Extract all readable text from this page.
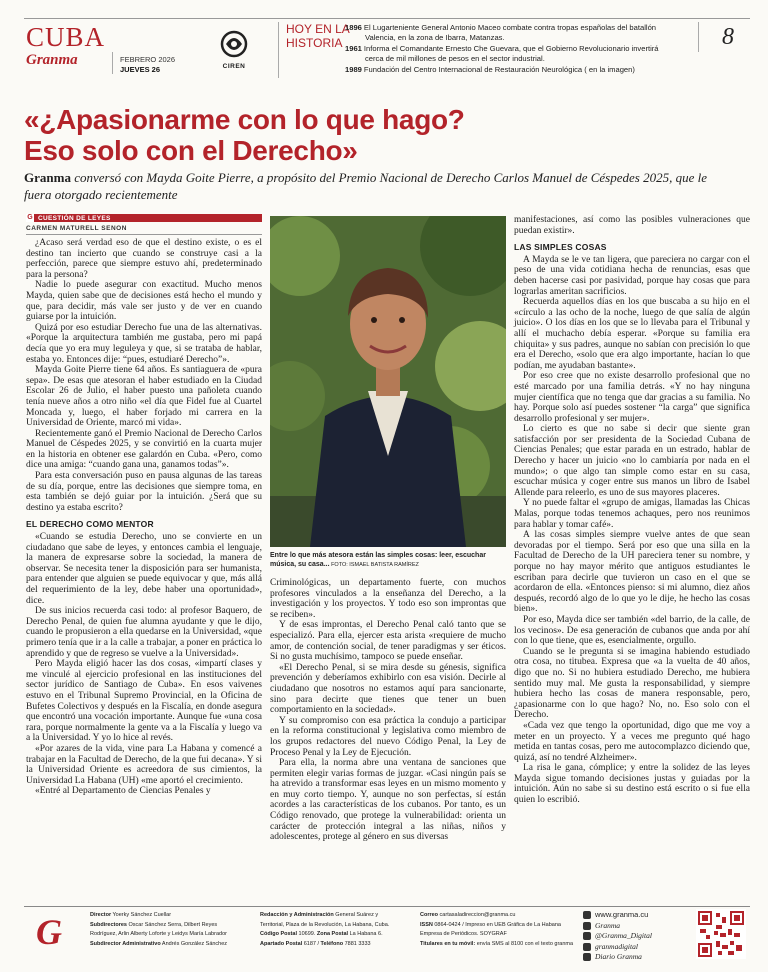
CUBA
Granma	FEBRERO 2026
JUEVES 26	CIREN
HOY EN LA
HISTORIA
1896 El Lugarteniente General Antonio Maceo combate contra tropas españolas del batallón
Valencia, en la zona de Ibarra, Matanzas.
1961 Informa el Comandante Ernesto Che Guevara, que el Gobierno Revolucionario invertirá
cerca de mil millones de pesos en el sector industrial.
1989 Fundación del Centro Internacional de Restauración Neurológica ( en la imagen)
8
«¿Apasionarme con lo que hago?
Eso solo con el Derecho»
Granma conversó con Mayda Goite Pierre, a propósito del Premio Nacional de Derecho Carlos Manuel de Céspedes 2025, que le fuera otorgado recientemente
G CUESTIÓN DE LEYES
CARMEN MATURELL SENON

¿Acaso será verdad eso de que el destino existe, o es el destino tan incierto que cuando se construye casi a la perfección, parece que siempre estuvo ahí, predeterminado para la persona?

Nadie lo puede asegurar con exactitud. Mucho menos Mayda, quien sabe que de decisiones está hecho el mundo y que, para decidir, más vale ser justo y de ver en cuando guiarse por la intuición.

Quizá por eso estudiar Derecho fue una de las alternativas. «Porque la arquitectura también me gustaba, pero mi papá decía que yo era muy leguleya y que, si se trataba de hablar, estaba yo. Entonces dije: “pues, estudiaré Derecho”».

Mayda Goite Pierre tiene 64 años. Es santiaguera de «pura sepa». De esas que atesoran el haber estudiado en la Ciudad Escolar 26 de Julio, el haber puesto una pañoleta cuando tenía nueve años a otro niño «el día que Fidel fue al Cuartel Moncada y, luego, el haber forjado mi carrera en la Universidad de Oriente, marcó mi vida».

Recientemente ganó el Premio Nacional de Derecho Carlos Manuel de Céspedes 2025, y se convirtió en la cuarta mujer en la historia en obtener ese galardón en Cuba. «Pero, como dice una amiga: “cuando gana una, ganamos todas”».

Para esta conversación puso en pausa algunas de las tareas de su día, porque, entre las decisiones que siempre toma, en esta también se dejó guiar por la intuición. ¿Será que su destino ya estaba escrito?

EL DERECHO COMO MENTOR

«Cuando se estudia Derecho, uno se convierte en un ciudadano que sabe de leyes, y entonces cambia el lenguaje, la manera de expresarse sobre la sociedad, la manera de observar. Se necesita tener la disposición para ser humanista, para entender que alguien se puede equivocar y que, más allá del requerimiento de la ley, debe haber una oportunidad», dice.

De sus inicios recuerda casi todo: al profesor Baquero, de Derecho Penal, de quien fue alumna ayudante y que le dijo, cuando le propusieron a ella quedarse en la Universidad, «que primero tenía que ir a la calle a trabajar, a poner en práctica lo aprendido y que de regreso se vuelve a la Universidad».

Pero Mayda eligió hacer las dos cosas, «impartí clases y me vinculé al ejercicio profesional en las instituciones del sector jurídico de Santiago de Cuba». En esos vaivenes estuvo en el Tribunal Supremo Provincial, en la Oficina de Bufetes Colectivos y después en la Fiscalía, en donde asegura que encontró una vocación importante. Aunque fue «una cosa rara, porque normalmente la gente va a la Fiscalía y luego va a la Universidad. Y yo lo hice al revés.

«Por azares de la vida, vine para La Habana y comencé a trabajar en la Facultad de Derecho, de la que fui decana». Y si la Universidad Oriente es acreedora de sus cimientos, la Universidad La Habana (UH) «me aportó el crecimiento.

«Entré al Departamento de Ciencias Penales y

Entre lo que más atesora están las simples cosas: leer, escuchar música, su casa... FOTO: ISMAEL BATISTA RAMÍREZ

Criminológicas, un departamento fuerte, con muchos profesores vinculados a la enseñanza del Derecho, a la investigación y los proyectos. Y todo eso son improntas que se reciben».

Y de esas improntas, el Derecho Penal caló tanto que se especializó. Para ella, ejercer esta arista «requiere de mucho amor, de contención social, de tener paradigmas y ser éticos. Si no gusta muchísimo, tampoco se puede enseñar.

«El Derecho Penal, si se mira desde su génesis, significa prevención y deberíamos exhibirlo con esa visión. Decirle al ciudadano que nosotros no estamos aquí para sancionarte, sino para decirte que tienes que tener un buen comportamiento en la sociedad».

Y su compromiso con esa práctica la condujo a participar en la reforma constitucional y legislativa como miembro de los grupos redactores del nuevo Código Penal, la Ley de Proceso Penal y la Ley de Ejecución.

Para ella, la norma abre una ventana de sanciones que permiten elegir varias formas de juzgar. «Casi ningún país se ha atrevido a transformar esas leyes en un mismo momento y en muy corto tiempo. Y, aunque no son perfectas, sí están acordes a las características de los cubanos. Por tanto, es un Código renovado, que protege la vulnerabilidad: orienta un carácter de protección integral a las niñas, niños y adolescentes, protege al género en sus diversas

manifestaciones, así como las posibles vulneraciones que puedan existir».

LAS SIMPLES COSAS

A Mayda se le ve tan ligera, que pareciera no cargar con el peso de una vida cotidiana hecha de renuncias, esas que deben hacerse casi por pasividad, porque hay cosas que para lograrlas ameritan sacrificios.

Recuerda aquellos días en los que buscaba a su hijo en el «círculo a las ocho de la noche, luego de que salía de algún juicio». O los días en los que se lo llevaba para el Tribunal y allí el muchacho debía esperar. «Porque su familia era chiquita» y sus padres, aunque no sabían con precisión lo que era el Derecho, «solo que era algo importante, hacían lo que podían, me ayudaban bastante».

Por eso cree que no existe desarrollo profesional que no esté marcado por una familia detrás. «Y no hay ninguna mujer científica que no tenga que dar gracias a su familia. No hay. Porque solo así puedes sostener “la carga” que significa desarrollo profesional y ser mujer».

Lo cierto es que no sabe si decir que siente gran satisfacción por ser presidenta de la Sociedad Cubana de Ciencias Penales; que estar parada en un estrado, hablar de Derecho y hacer un juicio «no lo cambiaría por nada en el mundo»; o que algo tan simple como estar en su casa, escuchar música y coger entre sus manos un libro de Isabel Allende para releerlo, es uno de sus mayores placeres.

Y no puede faltar el «grupo de amigas, llamadas las Chicas Malas, porque todas tenemos achaques, pero nos reunimos para hablar y tomar café».

A las cosas simples siempre vuelve antes de que sean devoradas por el tiempo. Será por eso que una silla en la Facultad de Derecho de la UH pareciera tener su nombre, y porque no hay mayor mérito que antiguos estudiantes le escriban para decirle que tuvieron un caso en el que se acordaron de ella. «Entonces pienso: si mi alumno, diez años después, recordó algo de lo que yo le dije, he hecho las cosas bien».

Por eso, Mayda dice ser también «del barrio, de la calle, de los vecinos». De esa generación de cubanos que anda por ahí con lo que tiene, que es, esencialmente, orgullo.

Cuando se le pregunta si se imagina habiendo estudiado otra cosa, no titubea. Expresa que «a la vuelta de 40 años, digo que no. Si no hubiera estudiado Derecho, me hubiera sentido muy mal. Me gusta la responsabilidad, y siempre hubiera hecho las cosas de manera responsable, pero, ¿apasionarme con lo que hago? No, no. Eso solo con el Derecho.

«Cada vez que tengo la oportunidad, digo que me voy a meter en un proyecto. Y a veces me pregunto qué hago metida en tantas cosas, pero me autocomplazco diciendo que, quizá, así no tendré Alzheimer».

La risa le gana, cómplice; y entre la solidez de las leyes Mayda sigue tomando decisiones justas y guiadas por la intuición. Aún no sabe si su destino está escrito o si fue ella quien lo escribió.

G	Director Yoerky Sánchez Cuellar
Subdirectores Oscar Sánchez Serra, Dilbert Reyes
Rodríguez, Arlin Alberty Loforte y Leidys María Labrador
Subdirector Administrativo Andrés González Sánchez
Redacción y Administración General Suárez y
Territorial, Plaza de la Revolución, La Habana, Cuba.
Código Postal 10699. Zona Postal La Habana 6.
Apartado Postal 6187 / Teléfono 7881 3333
Correo cartasaladireccion@granma.cu
ISSN 0864-0424 / Impreso en UEB Gráfica de La Habana
Empresa de Periódicos. SOYGRAF
Titulares en tu móvil: envía SMS al 8100 con el texto granma
www.granma.cu
Granma
@Granma_Digital
granmadigital
Diario Granma
